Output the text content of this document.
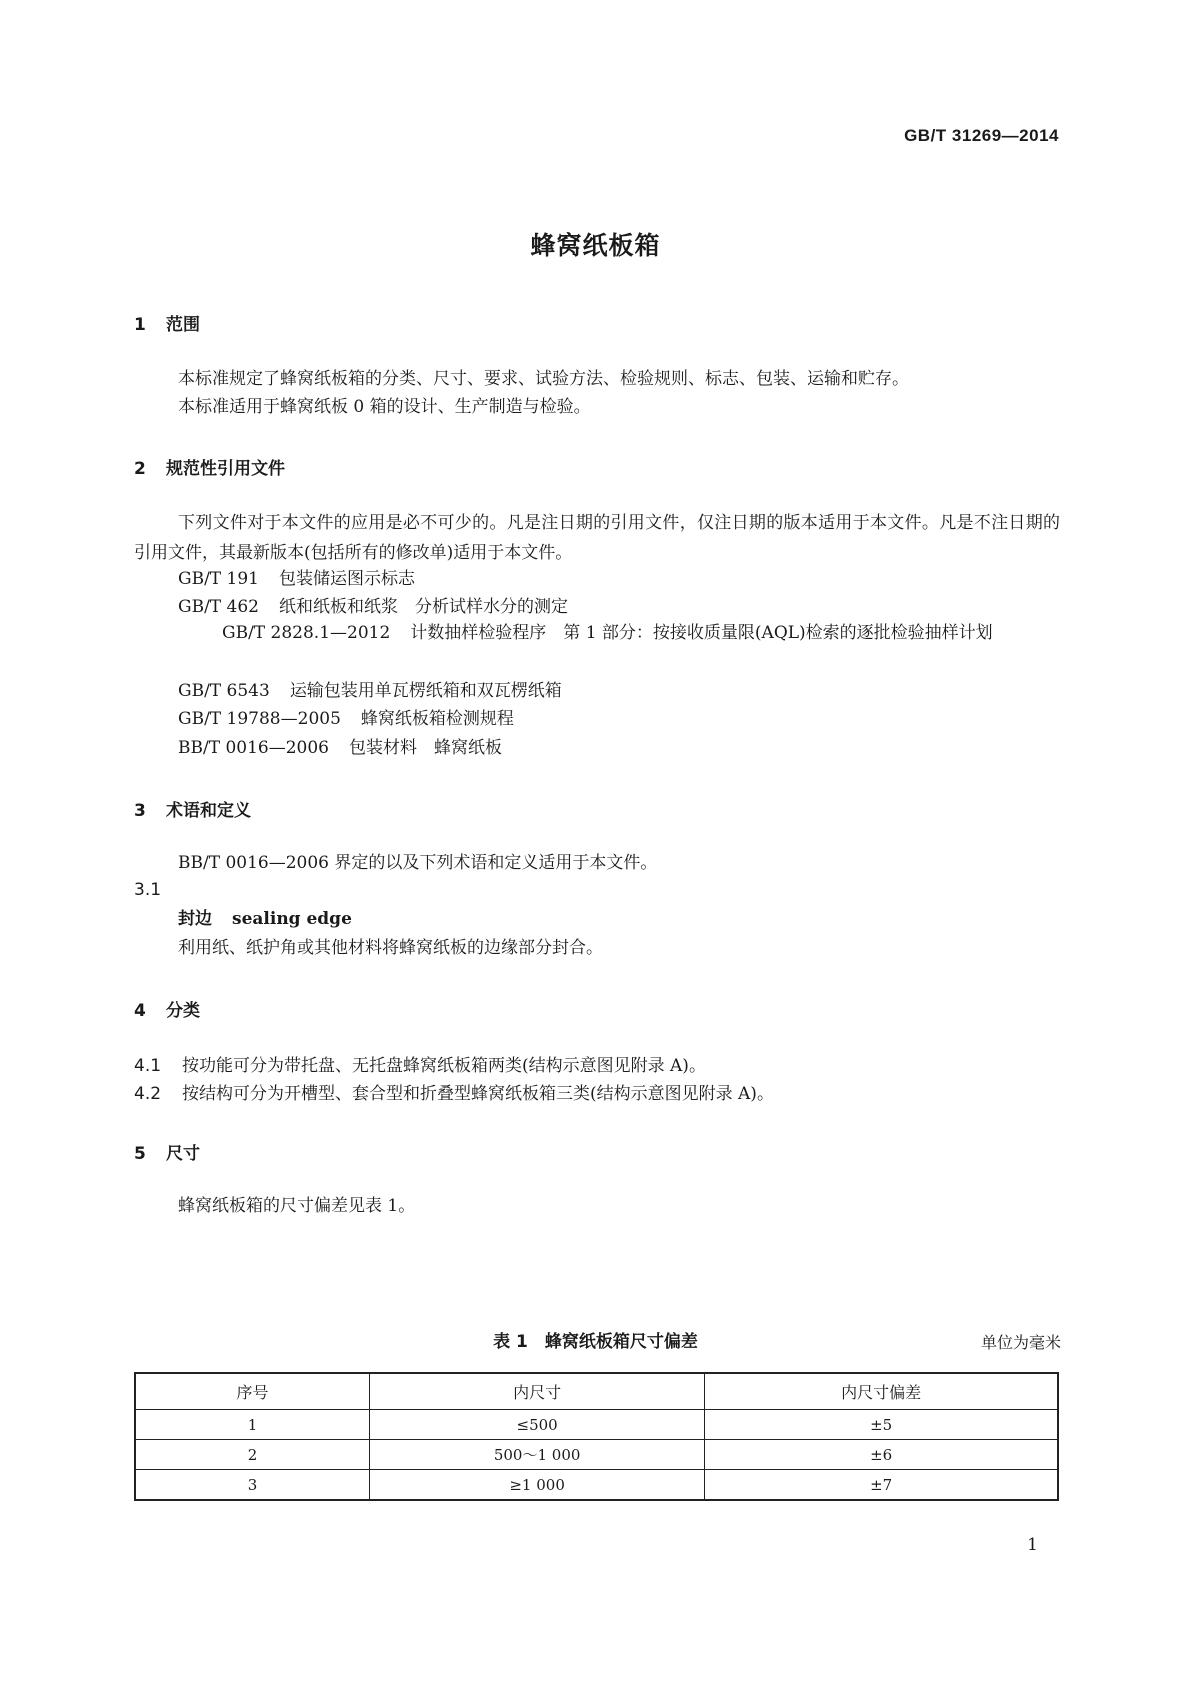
GB/T 31269—2014
蜂窝纸板箱
1 范围
本标准规定了蜂窝纸板箱的分类、尺寸、要求、试验方法、检验规则、标志、包装、运输和贮存。
本标准适用于蜂窝纸板 0 箱的设计、生产制造与检验。
2 规范性引用文件
下列文件对于本文件的应用是必不可少的。凡是注日期的引用文件，仅注日期的版本适用于本文件。凡是不注日期的引用文件，其最新版本(包括所有的修改单)适用于本文件。
GB/T 191 包装储运图示标志
GB/T 462 纸和纸板和纸浆　分析试样水分的测定
GB/T 2828.1—2012 计数抽样检验程序　第 1 部分：按接收质量限(AQL)检索的逐批检验抽样计划
GB/T 6543 运输包装用单瓦楞纸箱和双瓦楞纸箱
GB/T 19788—2005 蜂窝纸板箱检测规程
BB/T 0016—2006 包装材料　蜂窝纸板
3 术语和定义
BB/T 0016—2006 界定的以及下列术语和定义适用于本文件。
3.1
封边 sealing edge
利用纸、纸护角或其他材料将蜂窝纸板的边缘部分封合。
4 分类
4.1 按功能可分为带托盘、无托盘蜂窝纸板箱两类(结构示意图见附录 A)。
4.2 按结构可分为开槽型、套合型和折叠型蜂窝纸板箱三类(结构示意图见附录 A)。
5 尺寸
蜂窝纸板箱的尺寸偏差见表 1。
表 1　蜂窝纸板箱尺寸偏差	单位为毫米
序号	内尺寸	内尺寸偏差
1	≤500	±5
2	500～1 000	±6
3	≥1 000	±7
1
